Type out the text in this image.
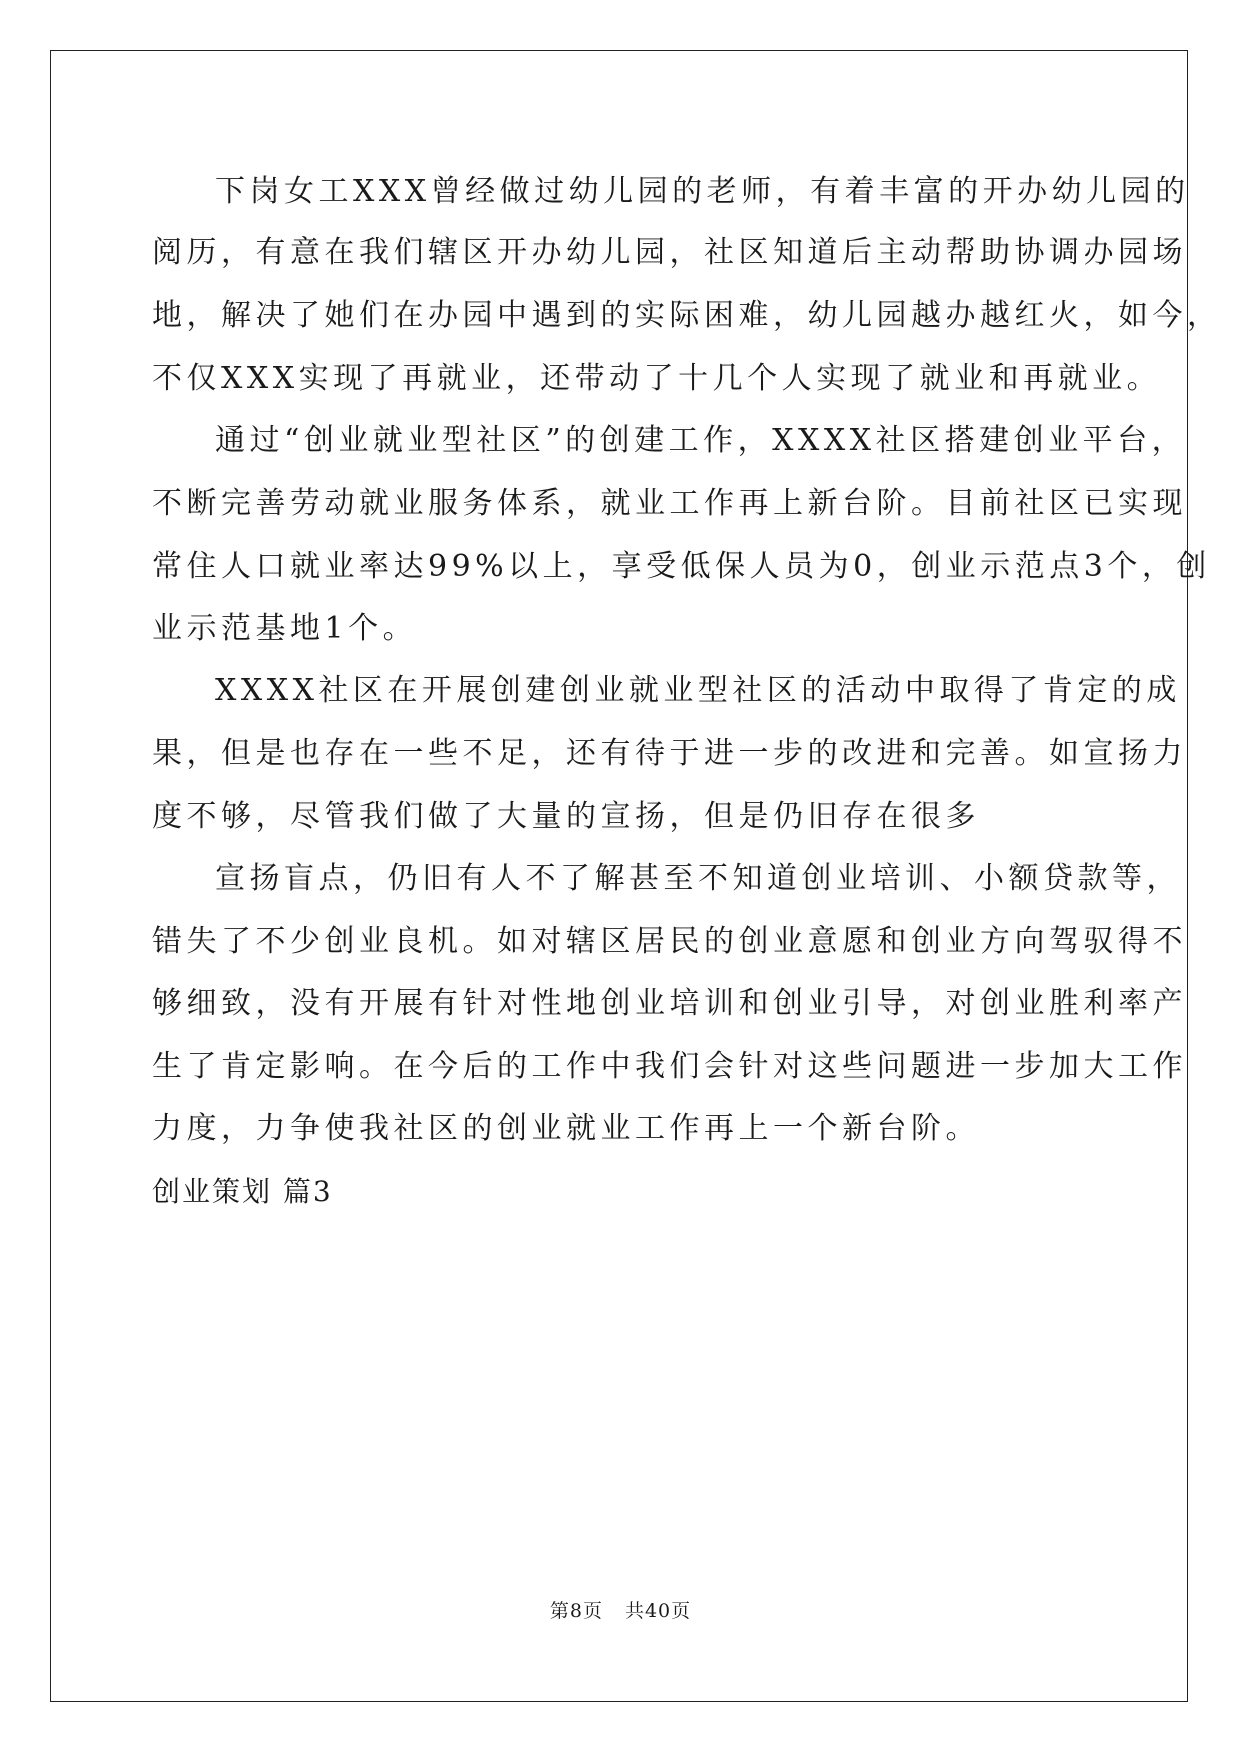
下岗女工XXX曾经做过幼儿园的老师，有着丰富的开办幼儿园的
阅历，有意在我们辖区开办幼儿园，社区知道后主动帮助协调办园场
地，解决了她们在办园中遇到的实际困难，幼儿园越办越红火，如今，
不仅XXX实现了再就业，还带动了十几个人实现了就业和再就业。
通过“创业就业型社区”的创建工作，XXXX社区搭建创业平台，
不断完善劳动就业服务体系，就业工作再上新台阶。目前社区已实现
常住人口就业率达99%以上，享受低保人员为0，创业示范点3个，创
业示范基地1个。
XXXX社区在开展创建创业就业型社区的活动中取得了肯定的成
果，但是也存在一些不足，还有待于进一步的改进和完善。如宣扬力
度不够，尽管我们做了大量的宣扬，但是仍旧存在很多
宣扬盲点，仍旧有人不了解甚至不知道创业培训、小额贷款等，
错失了不少创业良机。如对辖区居民的创业意愿和创业方向驾驭得不
够细致，没有开展有针对性地创业培训和创业引导，对创业胜利率产
生了肯定影响。在今后的工作中我们会针对这些问题进一步加大工作
力度，力争使我社区的创业就业工作再上一个新台阶。
创业策划 篇3
第8页 共40页
